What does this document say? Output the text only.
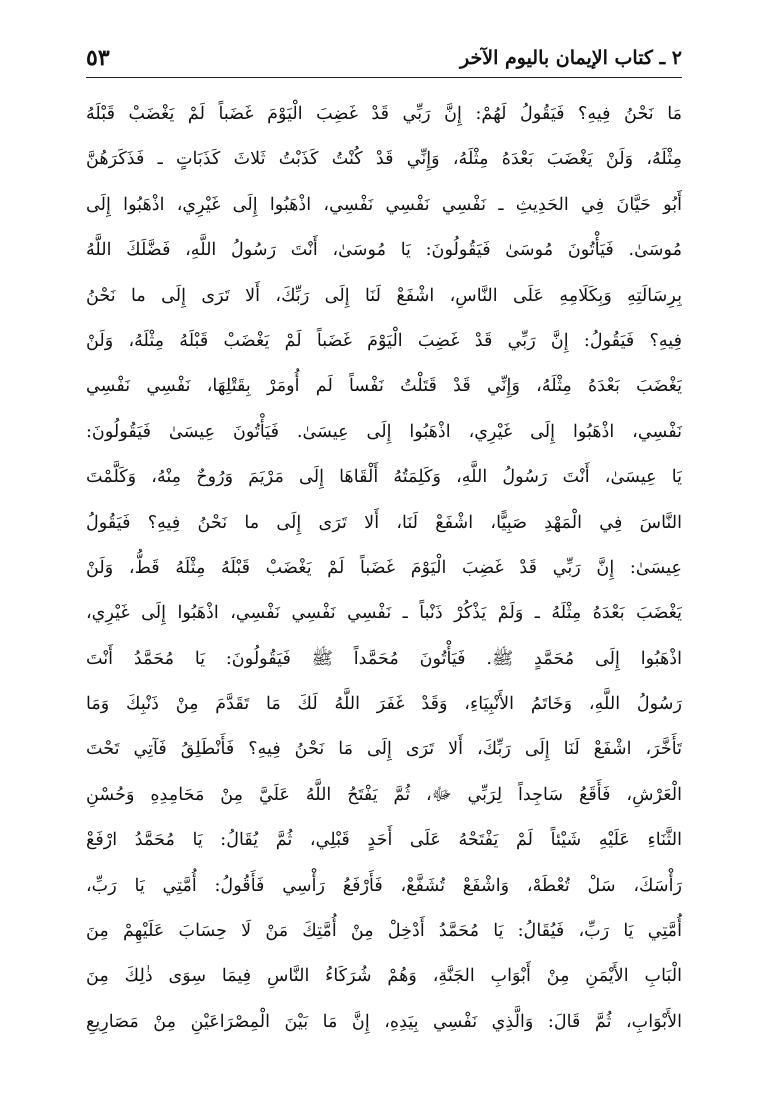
٢ ـ كتاب الإيمان باليوم الآخر
٥٣
مَا نَحْنُ فِيهِ؟ فَيَقُولُ لَهُمْ: إِنَّ رَبِّي قَدْ غَضِبَ الْيَوْمَ غَضَباً لَمْ يَغْضَبْ قَبْلَهُ
مِثْلَهُ، وَلَنْ يَغْضَبَ بَعْدَهُ مِثْلَهُ، وَإِنِّي قَدْ كُنْتُ كَذَبْتُ ثَلاثَ كَذَبَاتٍ ـ فَذَكَرَهُنَّ
أَبُو حَيَّانَ فِي الحَدِيثِ ـ نَفْسِي نَفْسِي نَفْسِي، اذْهَبُوا إِلَى غَيْرِي، اذْهَبُوا إِلَى
مُوسَىٰ. فَيَأْتُونَ مُوسَىٰ فَيَقُولُونَ: يَا مُوسَىٰ، أَنْتَ رَسُولُ اللَّهِ، فَضَّلَكَ اللَّهُ
بِرِسَالَتِهِ وَبِكَلَامِهِ عَلَى النَّاسِ، اشْفَعْ لَنَا إِلَى رَبِّكَ، أَلا تَرَى إِلَى ما نَحْنُ
فِيهِ؟ فَيَقُولُ: إِنَّ رَبِّي قَدْ غَضِبَ الْيَوْمَ غَضَباً لَمْ يَغْضَبْ قَبْلَهُ مِثْلَهُ، وَلَنْ
يَغْضَبَ بَعْدَهُ مِثْلَهُ، وَإِنِّي قَدْ قَتَلْتُ نَفْساً لَم أُومَرْ بِقَتْلِهَا، نَفْسِي نَفْسِي
نَفْسِي، اذْهَبُوا إِلَى غَيْرِي، اذْهَبُوا إِلَى عِيسَىٰ. فَيَأْتُونَ عِيسَىٰ فَيَقُولُونَ:
يَا عِيسَىٰ، أَنْتَ رَسُولُ اللَّهِ، وَكَلِمَتُهُ أَلْقَاهَا إِلَى مَرْيَمَ وَرُوحٌ مِنْهُ، وَكَلَّمْتَ
النَّاسَ فِي الْمَهْدِ صَبِيًّا، اشْفَعْ لَنَا، أَلا تَرَى إِلَى ما نَحْنُ فِيهِ؟ فَيَقُولُ
عِيسَىٰ: إِنَّ رَبِّي قَدْ غَضِبَ الْيَوْمَ غَضَباً لَمْ يَغْضَبْ قَبْلَهُ مِثْلَهُ قَطُّ، وَلَنْ
يَغْضَبَ بَعْدَهُ مِثْلَهُ ـ وَلَمْ يَذْكُرْ ذَنْباً ـ نَفْسِي نَفْسِي نَفْسِي، اذْهَبُوا إِلَى غَيْرِي،
اذْهَبُوا إِلَى مُحَمَّدٍ ﷺ. فَيَأْتُونَ مُحَمَّداً ﷺ فَيَقُولُونَ: يَا مُحَمَّدُ أَنْتَ
رَسُولُ اللَّهِ، وَخَاتَمُ الأَنْبِيَاءِ، وَقَدْ غَفَرَ اللَّهُ لَكَ مَا تَقَدَّمَ مِنْ ذَنْبِكَ وَمَا
تَأَخَّرَ، اشْفَعْ لَنَا إِلَى رَبِّكَ، أَلا تَرَى إِلَى مَا نَحْنُ فِيهِ؟ فَأَنْطَلِقُ فَآتِي تَحْتَ
الْعَرْشِ، فَأَقَعُ سَاجِداً لِرَبِّي ﷻ، ثُمَّ يَفْتَحُ اللَّهُ عَلَيَّ مِنْ مَحَامِدِهِ وَحُسْنِ
الثَّنَاءِ عَلَيْهِ شَيْئاً لَمْ يَفْتَحْهُ عَلَى أَحَدٍ قَبْلِي، ثُمَّ يُقَالُ: يَا مُحَمَّدُ ارْفَعْ
رَأْسَكَ، سَلْ تُعْطَهْ، وَاشْفَعْ تُشَفَّعْ، فَأَرْفَعُ رَأْسِي فَأَقُولُ: أُمَّتِي يَا رَبِّ،
أُمَّتِي يَا رَبِّ، فَيُقَالُ: يَا مُحَمَّدُ أَدْخِلْ مِنْ أُمَّتِكَ مَنْ لَا حِسَابَ عَلَيْهِمْ مِنَ
الْبَابِ الأَيْمَنِ مِنْ أَبْوَابِ الجَنَّةِ، وَهُمْ شُرَكَاءُ النَّاسِ فِيمَا سِوَى ذٰلِكَ مِنَ
الأَبْوَابِ، ثُمَّ قَالَ: وَالَّذِي نَفْسِي بِيَدِهِ، إِنَّ مَا بَيْنَ الْمِصْرَاعَيْنِ مِنْ مَصَارِيعِ
